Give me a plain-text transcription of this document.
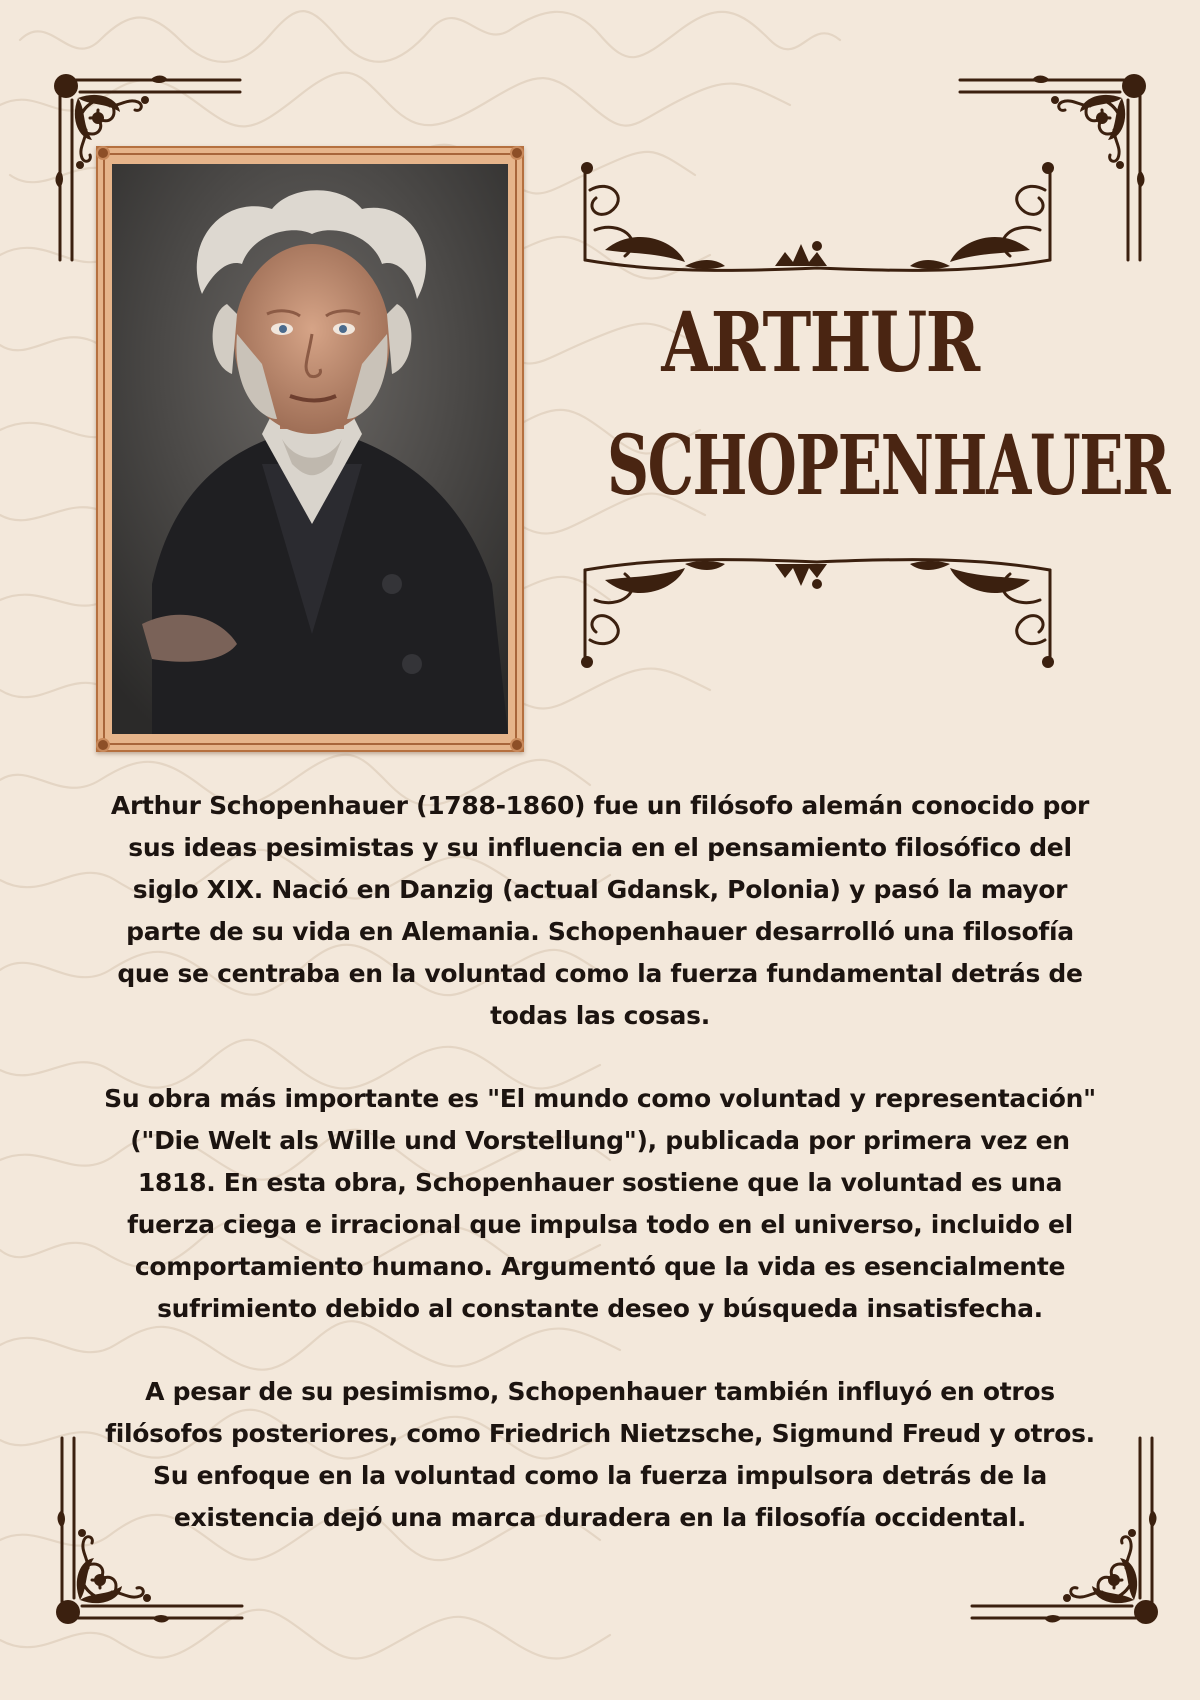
ARTHUR
SCHOPENHAUER

Arthur Schopenhauer (1788-1860) fue un filósofo alemán conocido por sus ideas pesimistas y su influencia en el pensamiento filosófico del siglo XIX. Nació en Danzig (actual Gdansk, Polonia) y pasó la mayor parte de su vida en Alemania. Schopenhauer desarrolló una filosofía que se centraba en la voluntad como la fuerza fundamental detrás de todas las cosas.

Su obra más importante es "El mundo como voluntad y representación" ("Die Welt als Wille und Vorstellung"), publicada por primera vez en 1818. En esta obra, Schopenhauer sostiene que la voluntad es una fuerza ciega e irracional que impulsa todo en el universo, incluido el comportamiento humano. Argumentó que la vida es esencialmente sufrimiento debido al constante deseo y búsqueda insatisfecha.

A pesar de su pesimismo, Schopenhauer también influyó en otros filósofos posteriores, como Friedrich Nietzsche, Sigmund Freud y otros. Su enfoque en la voluntad como la fuerza impulsora detrás de la existencia dejó una marca duradera en la filosofía occidental.
